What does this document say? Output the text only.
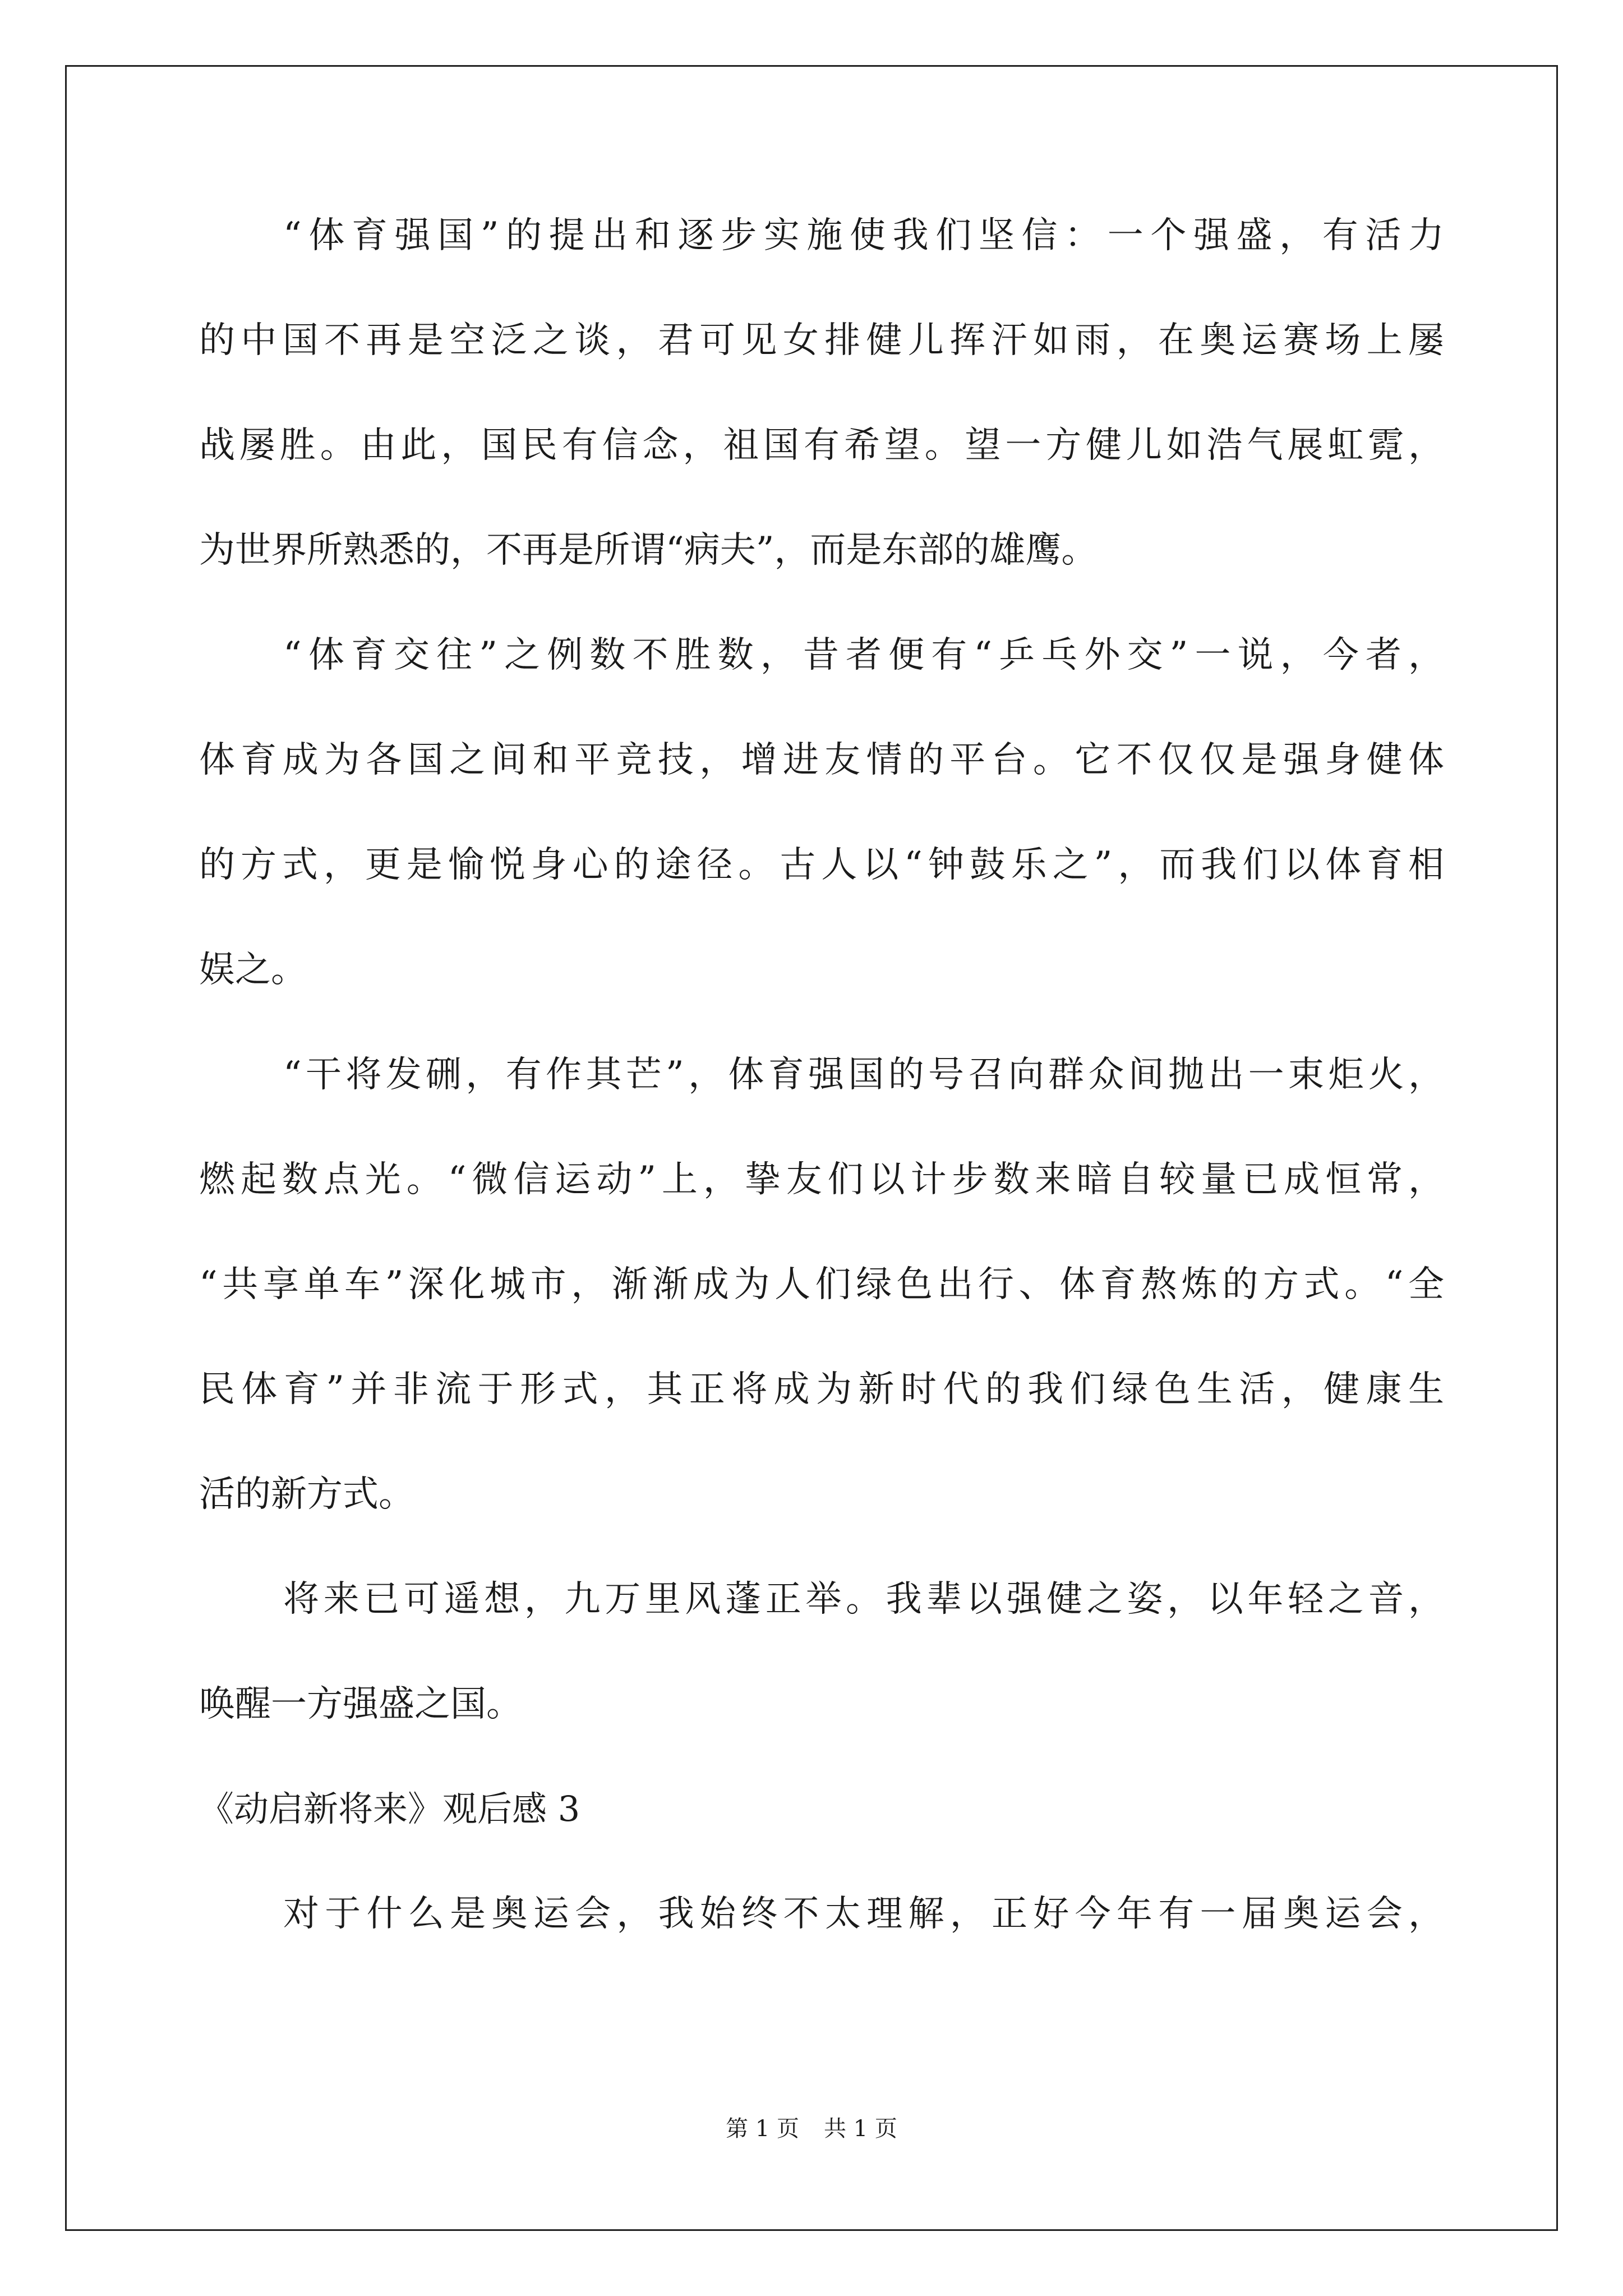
“体育强国”的提出和逐步实施使我们坚信：一个强盛，有活力
的中国不再是空泛之谈，君可见女排健儿挥汗如雨，在奥运赛场上屡
战屡胜。由此，国民有信念，祖国有希望。望一方健儿如浩气展虹霓，
为世界所熟悉的，不再是所谓“病夫”，而是东部的雄鹰。
“体育交往”之例数不胜数，昔者便有“乒乓外交”一说，今者，
体育成为各国之间和平竞技，增进友情的平台。它不仅仅是强身健体
的方式，更是愉悦身心的途径。古人以“钟鼓乐之”，而我们以体育相
娱之。
“干将发硎，有作其芒”，体育强国的号召向群众间抛出一束炬火，
燃起数点光。“微信运动”上，挚友们以计步数来暗自较量已成恒常，
“共享单车”深化城市，渐渐成为人们绿色出行、体育熬炼的方式。“全
民体育”并非流于形式，其正将成为新时代的我们绿色生活，健康生
活的新方式。
将来已可遥想，九万里风蓬正举。我辈以强健之姿，以年轻之音，
唤醒一方强盛之国。
《动启新将来》观后感 3
对于什么是奥运会，我始终不太理解，正好今年有一届奥运会，
第 1 页 共 1 页
